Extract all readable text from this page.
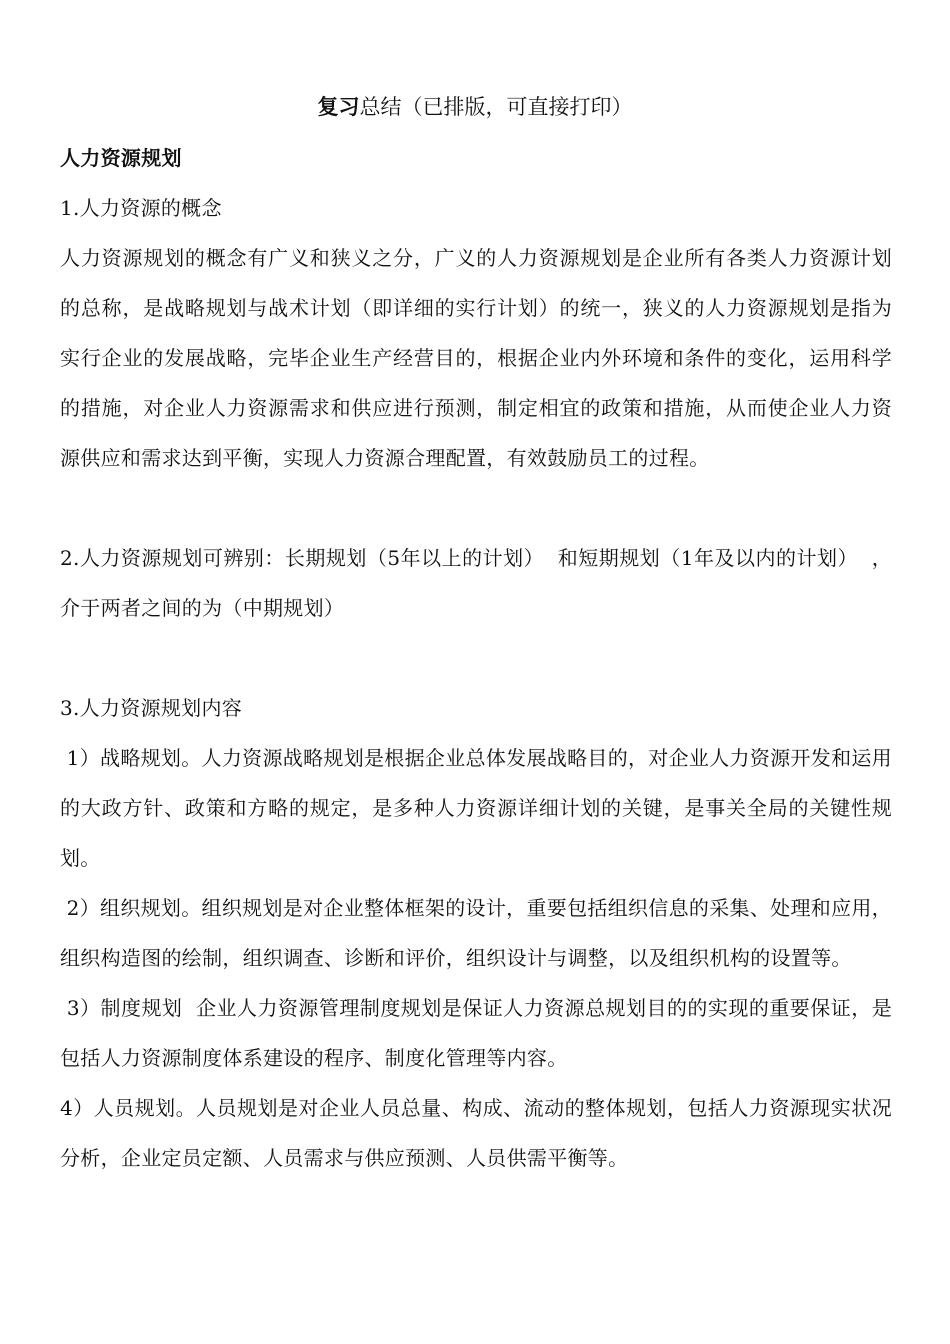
复习总结（已排版，可直接打印）

人力资源规划

1.人力资源的概念

人力资源规划的概念有广义和狭义之分，广义的人力资源规划是企业所有各类人力资源计划的总称，是战略规划与战术计划（即详细的实行计划）的统一，狭义的人力资源规划是指为实行企业的发展战略，完毕企业生产经营目的，根据企业内外环境和条件的变化，运用科学的措施，对企业人力资源需求和供应进行预测，制定相宜的政策和措施，从而使企业人力资源供应和需求达到平衡，实现人力资源合理配置，有效鼓励员工的过程。

2.人力资源规划可辨别：长期规划（5年以上的计划）  和短期规划（1年及以内的计划）  ，介于两者之间的为（中期规划）

3.人力资源规划内容

1）战略规划。人力资源战略规划是根据企业总体发展战略目的，对企业人力资源开发和运用的大政方针、政策和方略的规定，是多种人力资源详细计划的关键，是事关全局的关键性规划。

2）组织规划。组织规划是对企业整体框架的设计，重要包括组织信息的采集、处理和应用，组织构造图的绘制，组织调查、诊断和评价，组织设计与调整，以及组织机构的设置等。

3）制度规划  企业人力资源管理制度规划是保证人力资源总规划目的的实现的重要保证，是包括人力资源制度体系建设的程序、制度化管理等内容。

4）人员规划。人员规划是对企业人员总量、构成、流动的整体规划，包括人力资源现实状况分析，企业定员定额、人员需求与供应预测、人员供需平衡等。
